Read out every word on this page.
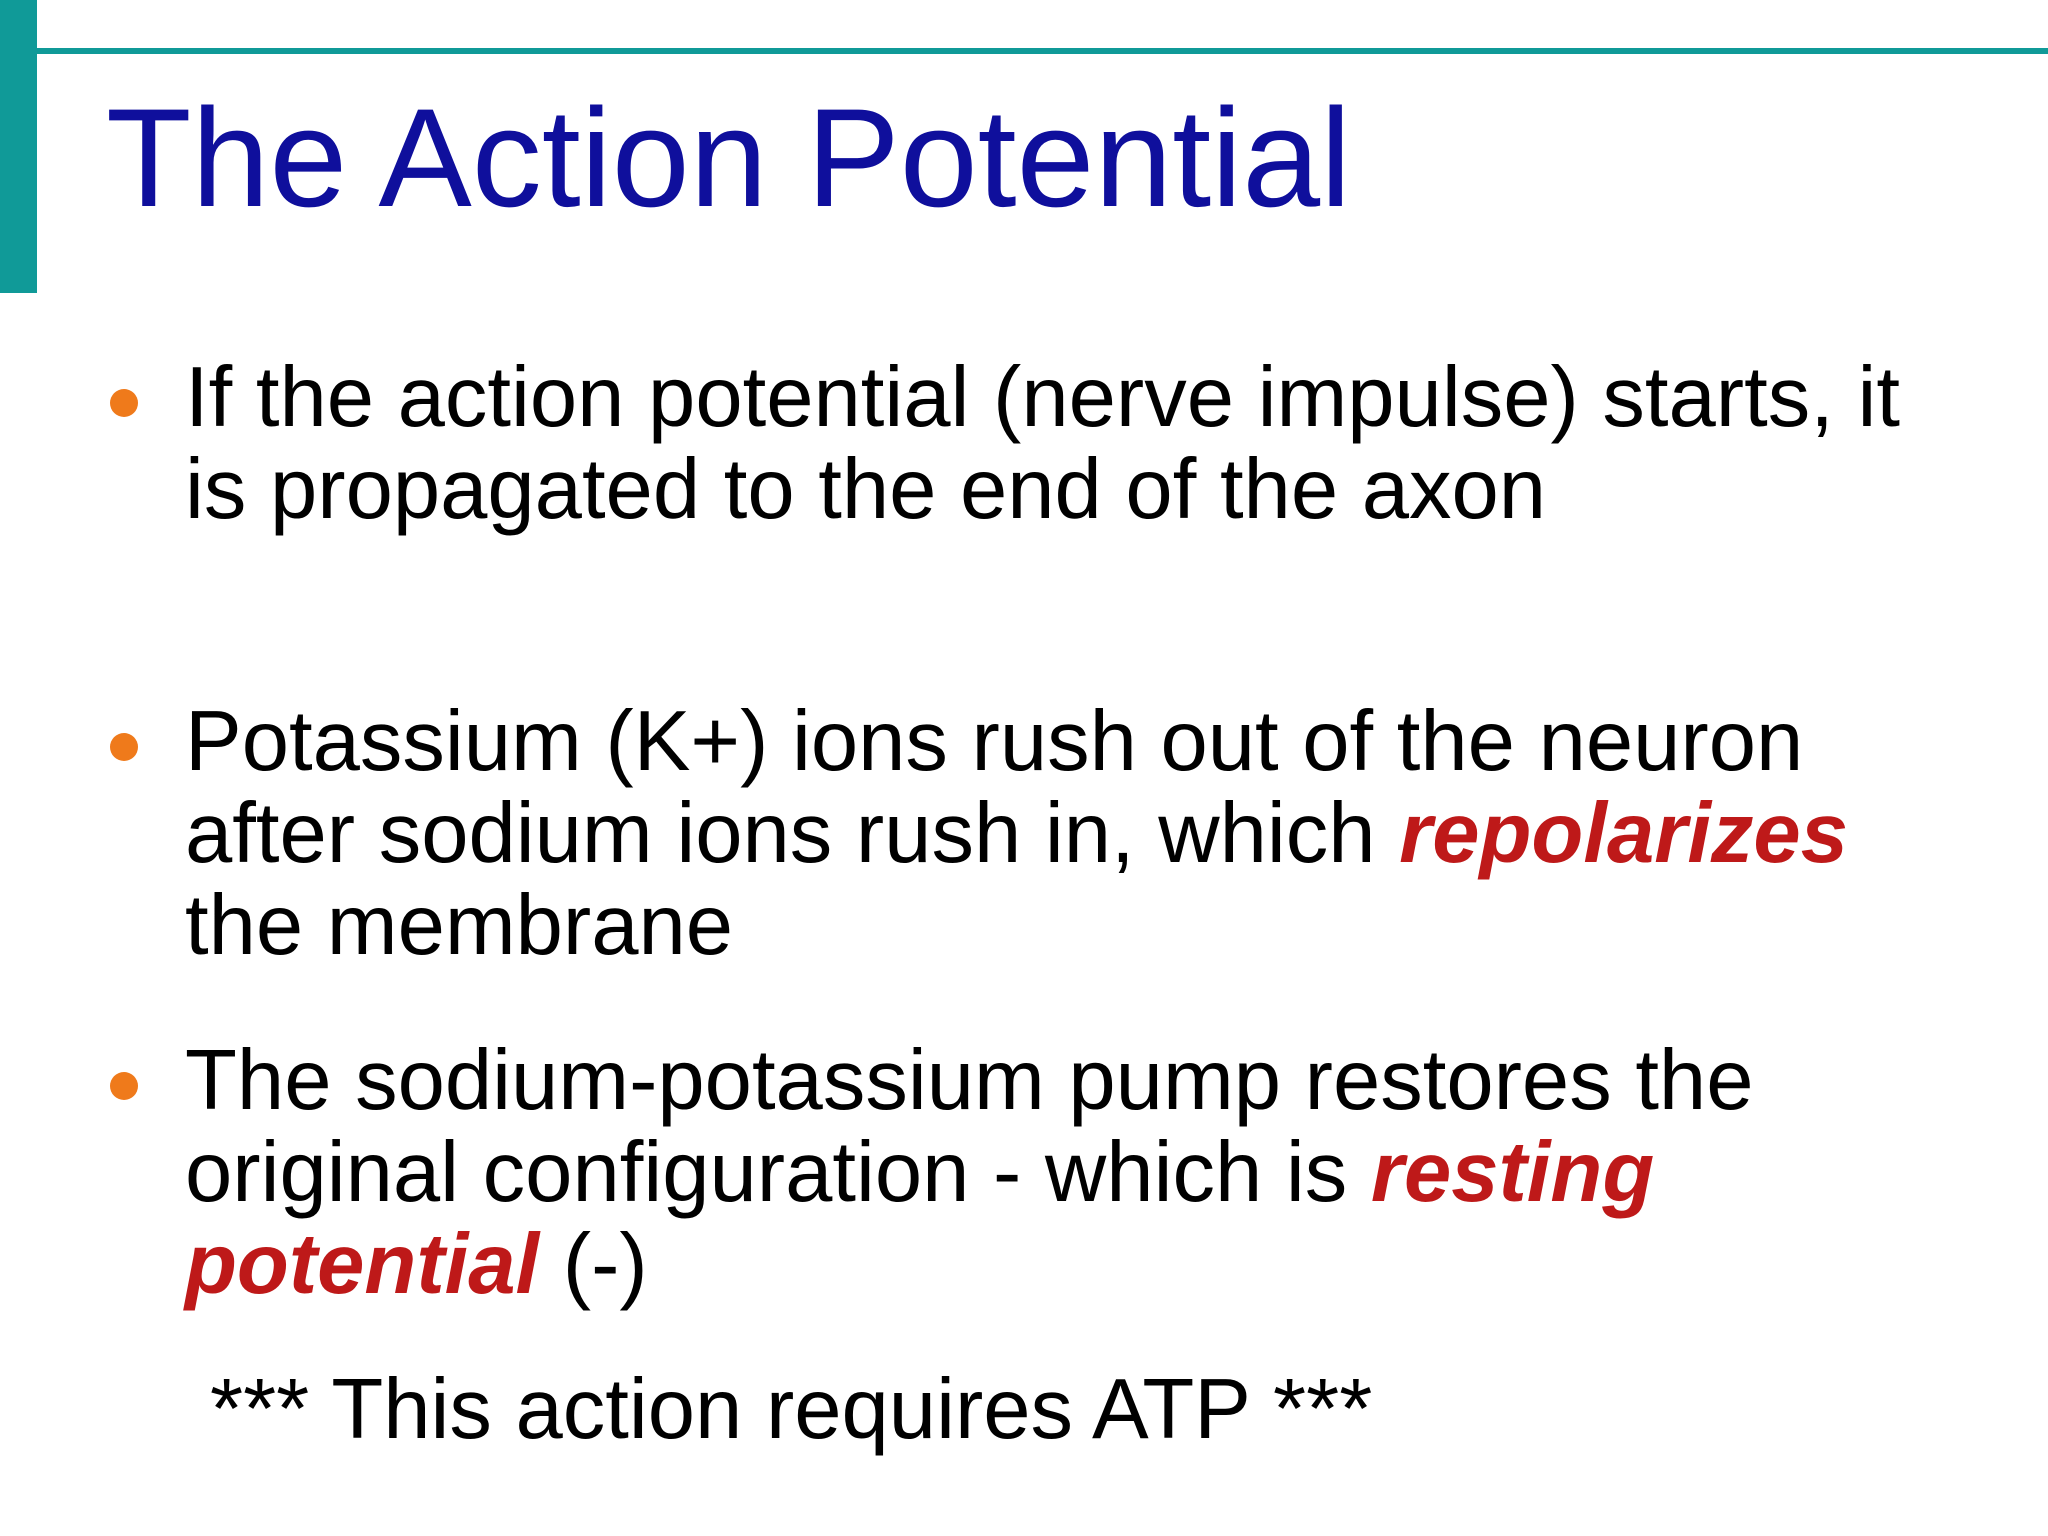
The Action Potential
If the action potential (nerve impulse) starts, it is propagated to the end of the axon
Potassium (K+) ions rush out of the neuron after sodium ions rush in, which repolarizes the membrane
The sodium-potassium pump restores the original configuration - which is resting potential (-)

*** This action requires ATP ***
